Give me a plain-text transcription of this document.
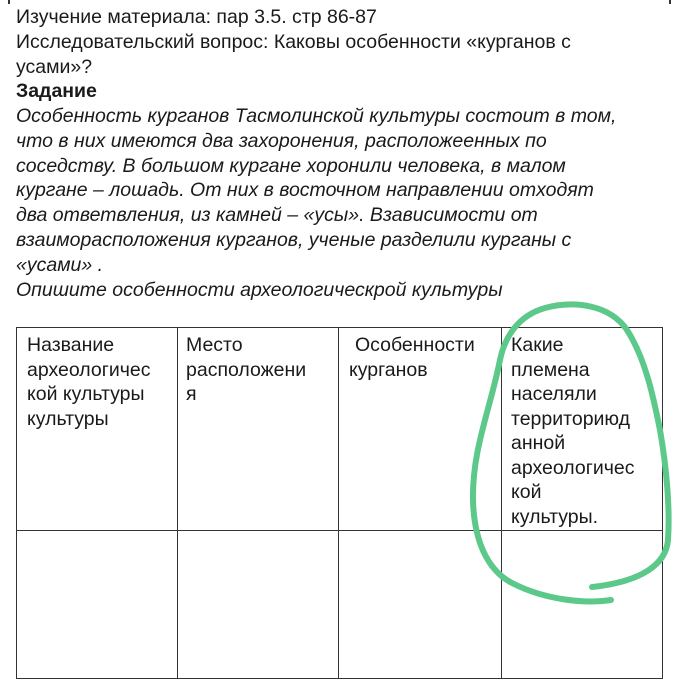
Изучение материала: пар 3.5. стр 86-87
Исследовательский вопрос: Каковы особенности «курганов с
усами»?
Задание
Особенность курганов Тасмолинской культуры состоит в том,
что в них имеются два захоронения, расположеенных по
соседству. В большом кургане хоронили человека, в малом
кургане – лошадь. От них в восточном направлении отходят
два ответвления, из камней – «усы». Взависимости от
взаиморасположения курганов, ученые разделили курганы с
«усами» .
Опишите особенности археологическрой культуры
Название
археологичес
кой культуры
культуры
Место
расположени
я
Особенности
курганов
Какие
племена
населяли
территориюд
анной
археологичес
кой
культуры.
